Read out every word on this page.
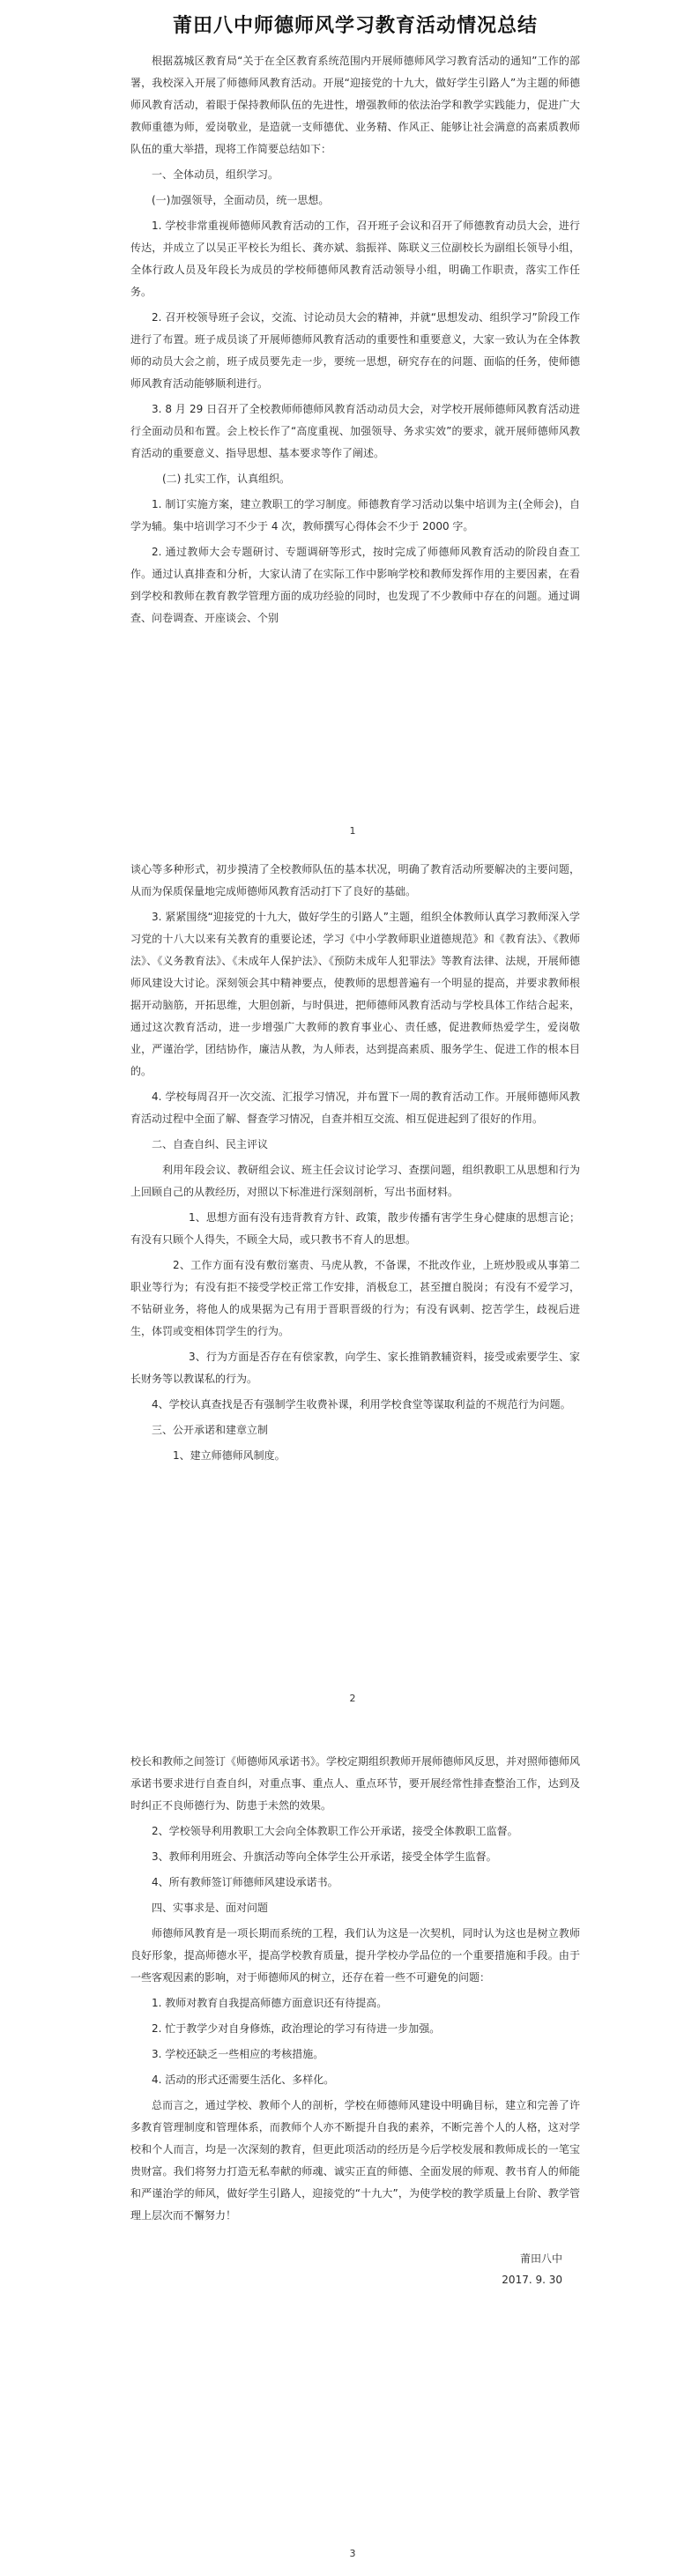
​
莆田八中师德师风学习教育活动情况总结

根据荔城区教育局“关于在全区教育系统范围内开展师德师风学习教育活动的通知”工作的部署，我校深入开展了师德师风教育活动。开展“迎接党的十九大，做好学生引路人”为主题的师德师风教育活动，着眼于保持教师队伍的先进性，增强教师的依法治学和教学实践能力，促进广大教师重德为师，爱岗敬业，是造就一支师德优、业务精、作风正、能够让社会满意的高素质教师队伍的重大举措，现将工作简要总结如下：

一、全体动员，组织学习。

(一)加强领导，全面动员，统一思想。

1. 学校非常重视师德师风教育活动的工作，召开班子会议和召开了师德教育动员大会，进行传达，并成立了以吴正平校长为组长、龚亦斌、翁振祥、陈联义三位副校长为副组长领导小组，全体行政人员及年段长为成员的学校师德师风教育活动领导小组，明确工作职责，落实工作任务。

2. 召开校领导班子会议，交流、讨论动员大会的精神，并就“思想发动、组织学习”阶段工作进行了布置。班子成员谈了开展师德师风教育活动的重要性和重要意义，大家一致认为在全体教师的动员大会之前，班子成员要先走一步，要统一思想，研究存在的问题、面临的任务，使师德师风教育活动能够顺利进行。

3. 8 月 29 日召开了全校教师师德师风教育活动动员大会，对学校开展师德师风教育活动进行全面动员和布置。会上校长作了“高度重视、加强领导、务求实效”的要求，就开展师德师风教育活动的重要意义、指导思想、基本要求等作了阐述。

(二) 扎实工作，认真组织。

1. 制订实施方案，建立教职工的学习制度。师德教育学习活动以集中培训为主(全师会)，自学为辅。集中培训学习不少于 4 次，教师撰写心得体会不少于 2000 字。

2. 通过教师大会专题研讨、专题调研等形式，按时完成了师德师风教育活动的阶段自查工作。通过认真排查和分析，大家认清了在实际工作中影响学校和教师发挥作用的主要因素，在看到学校和教师在教育教学管理方面的成功经验的同时，也发现了不少教师中存在的问题。通过调查、问卷调查、开座谈会、个别

1

谈心等多种形式，初步摸清了全校教师队伍的基本状况，明确了教育活动所要解决的主要问题，从而为保质保量地完成师德师风教育活动打下了良好的基础。

3. 紧紧围绕“迎接党的十九大，做好学生的引路人”主题，组织全体教师认真学习教师深入学习党的十八大以来有关教育的重要论述，学习《中小学教师职业道德规范》和《教育法》、《教师法》、《义务教育法》、《未成年人保护法》、《预防未成年人犯罪法》等教育法律、法规，开展师德师风建设大讨论。深刻领会其中精神要点，使教师的思想普遍有一个明显的提高，并要求教师根据开动脑筋，开拓思维，大胆创新，与时俱进，把师德师风教育活动与学校具体工作结合起来，通过这次教育活动，进一步增强广大教师的教育事业心、责任感，促进教师热爱学生，爱岗敬业，严谨治学，团结协作，廉洁从教，为人师表，达到提高素质、服务学生、促进工作的根本目的。

4. 学校每周召开一次交流、汇报学习情况，并布置下一周的教育活动工作。开展师德师风教育活动过程中全面了解、督查学习情况，自查并相互交流、相互促进起到了很好的作用。

二、自查自纠、民主评议

利用年段会议、教研组会议、班主任会议讨论学习、查摆问题，组织教职工从思想和行为上回顾自己的从教经历，对照以下标准进行深刻剖析，写出书面材料。

1、思想方面有没有违背教育方针、政策，散步传播有害学生身心健康的思想言论；有没有只顾个人得失，不顾全大局，或只教书不育人的思想。

2、工作方面有没有敷衍塞责、马虎从教，不备课，不批改作业，上班炒股或从事第二职业等行为；有没有拒不接受学校正常工作安排，消极怠工，甚至擅自脱岗；有没有不爱学习，不钻研业务，将他人的成果据为己有用于晋职晋级的行为；有没有讽刺、挖苦学生，歧视后进生，体罚或变相体罚学生的行为。

3、行为方面是否存在有偿家教，向学生、家长推销教辅资料，接受或索要学生、家长财务等以教谋私的行为。

4、学校认真查找是否有强制学生收费补课，利用学校食堂等谋取利益的不规范行为问题。

三、公开承诺和建章立制

1、建立师德师风制度。

2

校长和教师之间签订《师德师风承诺书》。学校定期组织教师开展师德师风反思，并对照师德师风承诺书要求进行自查自纠，对重点事、重点人、重点环节，要开展经常性排查整治工作，达到及时纠正不良师德行为、防患于未然的效果。

2、学校领导利用教职工大会向全体教职工作公开承诺，接受全体教职工监督。

3、教师利用班会、升旗活动等向全体学生公开承诺，接受全体学生监督。

4、所有教师签订师德师风建设承诺书。

四、实事求是、面对问题

师德师风教育是一项长期而系统的工程，我们认为这是一次契机，同时认为这也是树立教师良好形象，提高师德水平，提高学校教育质量，提升学校办学品位的一个重要措施和手段。由于一些客观因素的影响，对于师德师风的树立，还存在着一些不可避免的问题：

1. 教师对教育自我提高师德方面意识还有待提高。

2. 忙于教学少对自身修炼，政治理论的学习有待进一步加强。

3. 学校还缺乏一些相应的考核措施。

4. 活动的形式还需要生活化、多样化。

总而言之，通过学校、教师个人的剖析，学校在师德师风建设中明确目标，建立和完善了许多教育管理制度和管理体系，而教师个人亦不断提升自我的素养，不断完善个人的人格，这对学校和个人而言，均是一次深刻的教育，但更此项活动的经历是今后学校发展和教师成长的一笔宝贵财富。我们将努力打造无私奉献的师魂、诚实正直的师德、全面发展的师观、教书育人的师能和严谨治学的师风，做好学生引路人，迎接党的“十九大”，为使学校的教学质量上台阶、教学管理上层次而不懈努力！

莆田八中
2017. 9. 30
3
